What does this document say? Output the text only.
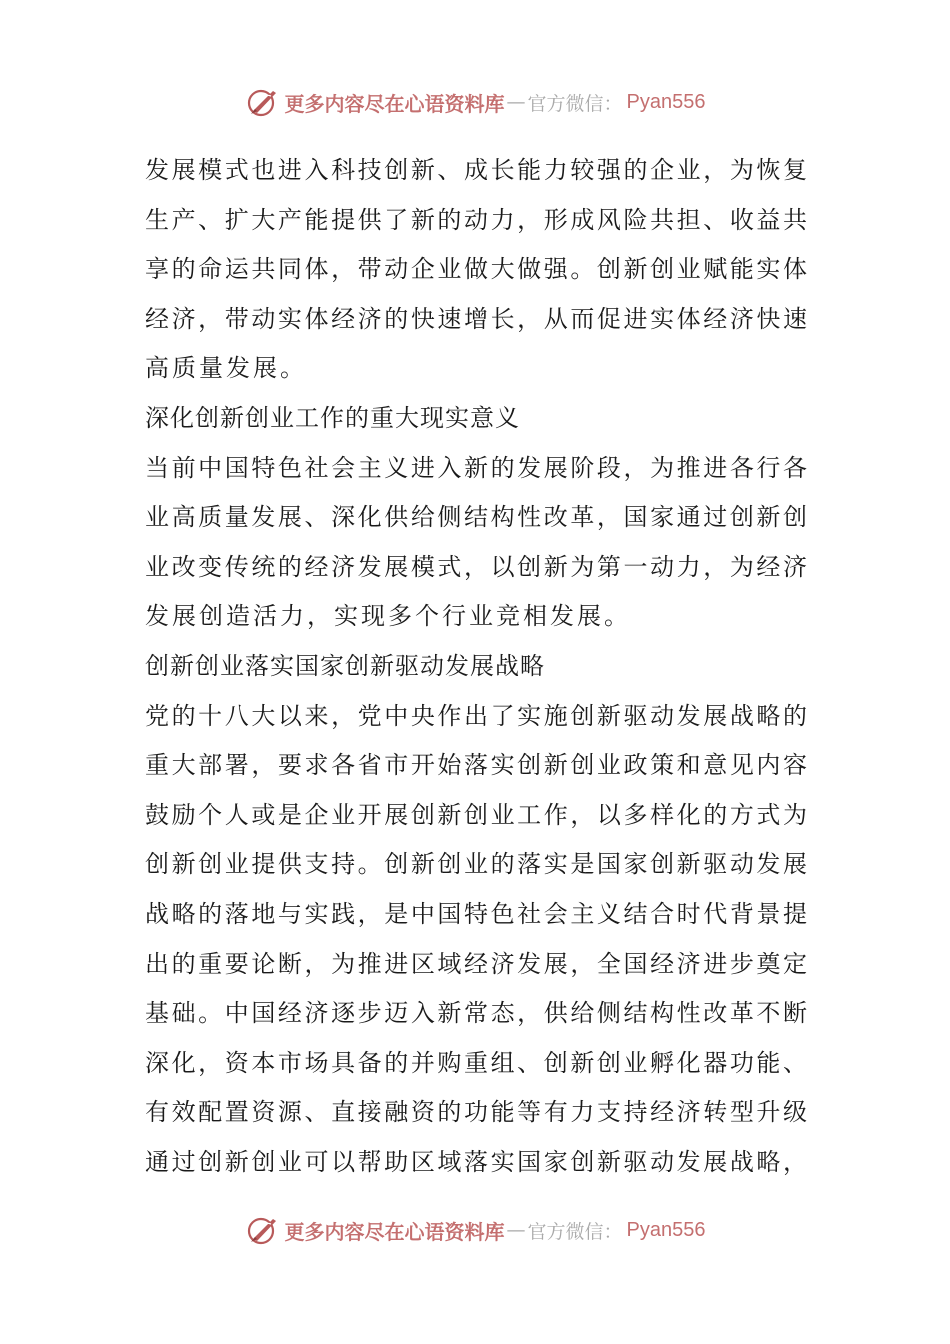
更多内容尽在心语资料库 — 官方微信： Pyan556
发展模式也进入科技创新、成长能力较强的企业，为恢复
生产、扩大产能提供了新的动力，形成风险共担、收益共
享的命运共同体，带动企业做大做强。创新创业赋能实体
经济，带动实体经济的快速增长，从而促进实体经济快速
高质量发展。
深化创新创业工作的重大现实意义
当前中国特色社会主义进入新的发展阶段，为推进各行各
业高质量发展、深化供给侧结构性改革，国家通过创新创
业改变传统的经济发展模式，以创新为第一动力，为经济
发展创造活力，实现多个行业竞相发展。
创新创业落实国家创新驱动发展战略
党的十八大以来，党中央作出了实施创新驱动发展战略的
重大部署，要求各省市开始落实创新创业政策和意见内容
鼓励个人或是企业开展创新创业工作，以多样化的方式为
创新创业提供支持。创新创业的落实是国家创新驱动发展
战略的落地与实践，是中国特色社会主义结合时代背景提
出的重要论断，为推进区域经济发展，全国经济进步奠定
基础。中国经济逐步迈入新常态，供给侧结构性改革不断
深化，资本市场具备的并购重组、创新创业孵化器功能、
有效配置资源、直接融资的功能等有力支持经济转型升级
通过创新创业可以帮助区域落实国家创新驱动发展战略，
更多内容尽在心语资料库 — 官方微信： Pyan556
